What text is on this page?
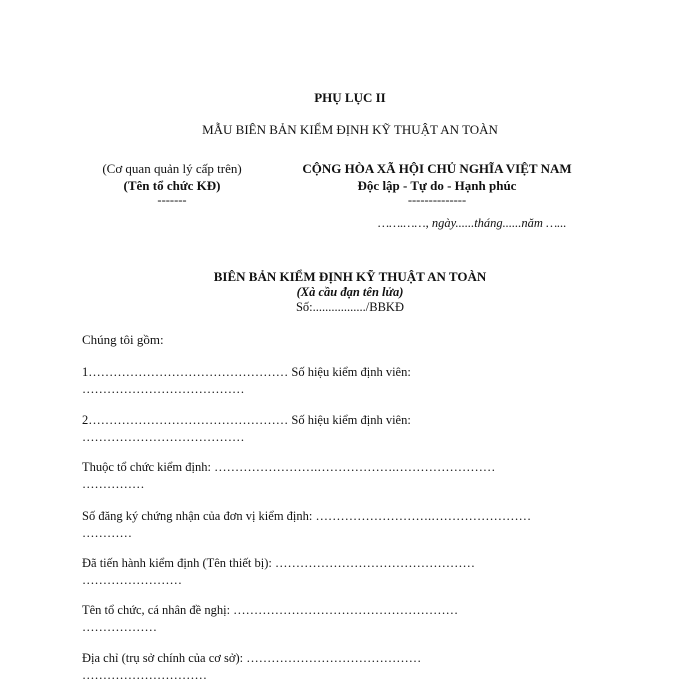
PHỤ LỤC II
MẪU BIÊN BẢN KIỂM ĐỊNH KỸ THUẬT AN TOÀN
(Cơ quan quản lý cấp trên)
(Tên tổ chức KĐ)
-------
CỘNG HÒA XÃ HỘI CHỦ NGHĨA VIỆT NAM
Độc lập - Tự do - Hạnh phúc
--------------
…….……, ngày......tháng......năm …...
BIÊN BẢN KIỂM ĐỊNH KỸ THUẬT AN TOÀN
(Xà cầu đạn tên lửa)
Số:................./BBKĐ
Chúng tôi gồm:
1………………………………………… Số hiệu kiểm định viên:
…………………………………
2………………………………………… Số hiệu kiểm định viên:
…………………………………
Thuộc tổ chức kiểm định: …………………….……………….……………………
……………
Số đăng ký chứng nhận của đơn vị kiểm định: ……………………….……………………
…………
Đã tiến hành kiểm định (Tên thiết bị): …………………………………………
……………………
Tên tổ chức, cá nhân đề nghị: ………………………………………………
………………
Địa chỉ (trụ sở chính của cơ sở): ……………………………………
…………………………
